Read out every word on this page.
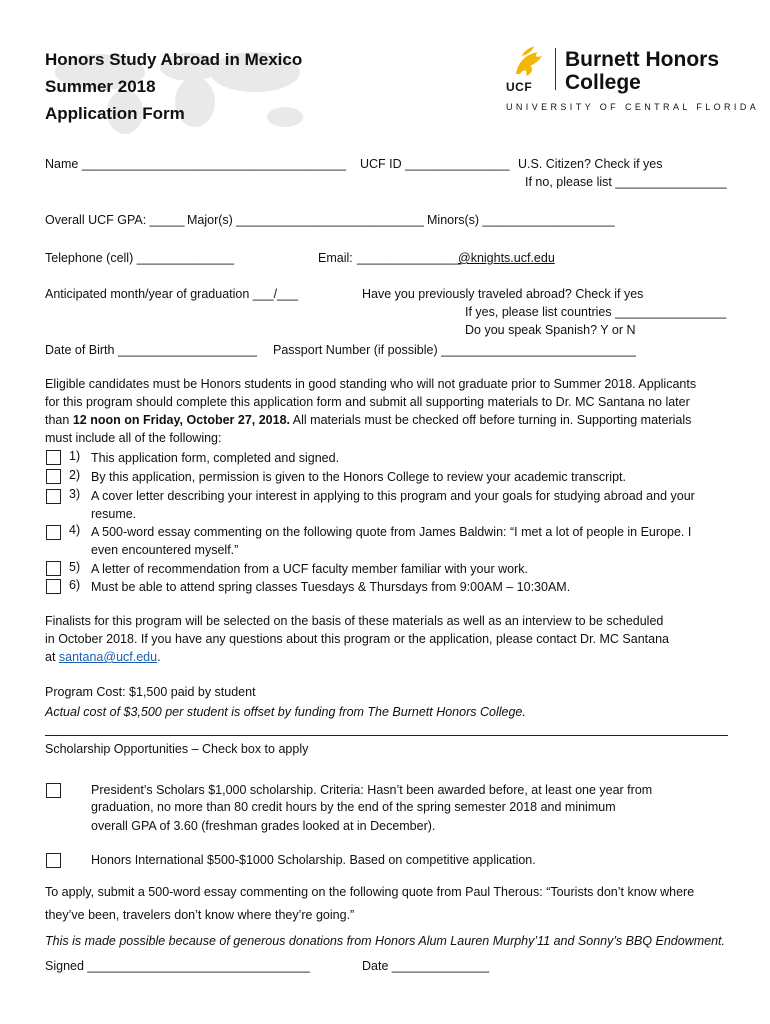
Honors Study Abroad in Mexico
Summer 2018
Application Form
UCF
Burnett Honors
College
UNIVERSITY OF CENTRAL FLORIDA
Name ______________________________________ UCF ID _______________ U.S. Citizen? Check if yes
If no, please list ________________
Overall UCF GPA: _____ Major(s) ___________________________ Minors(s) ___________________
Telephone (cell) ______________	Email: _______________
@knights.ucf.edu
Anticipated month/year of graduation ___/___	Have you previously traveled abroad? Check if yes
If yes, please list countries ________________
Do you speak Spanish? Y or N
Date of Birth ____________________ Passport Number (if possible) ____________________________
Eligible candidates must be Honors students in good standing who will not graduate prior to Summer 2018. Applicants
for this program should complete this application form and submit all supporting materials to Dr. MC Santana no later
than 12 noon on Friday, October 27, 2018. All materials must be checked off before turning in. Supporting materials
must include all of the following:
1) This application form, completed and signed.
2) By this application, permission is given to the Honors College to review your academic transcript.
3) A cover letter describing your interest in applying to this program and your goals for studying abroad and your
resume.
4) A 500-word essay commenting on the following quote from James Baldwin: “I met a lot of people in Europe. I
even encountered myself.”
5) A letter of recommendation from a UCF faculty member familiar with your work.
6) Must be able to attend spring classes Tuesdays & Thursdays from 9:00AM – 10:30AM.
Finalists for this program will be selected on the basis of these materials as well as an interview to be scheduled
in October 2018. If you have any questions about this program or the application, please contact Dr. MC Santana
at santana@ucf.edu.
Program Cost: $1,500 paid by student
Actual cost of $3,500 per student is offset by funding from The Burnett Honors College.
Scholarship Opportunities – Check box to apply
President’s Scholars $1,000 scholarship. Criteria: Hasn’t been awarded before, at least one year from
graduation, no more than 80 credit hours by the end of the spring semester 2018 and minimum
overall GPA of 3.60 (freshman grades looked at in December).
Honors International $500-$1000 Scholarship. Based on competitive application.
To apply, submit a 500-word essay commenting on the following quote from Paul Therous: “Tourists don’t know where
they’ve been, travelers don’t know where they’re going.”
This is made possible because of generous donations from Honors Alum Lauren Murphy’11 and Sonny’s BBQ Endowment.
Signed ________________________________	Date ______________
